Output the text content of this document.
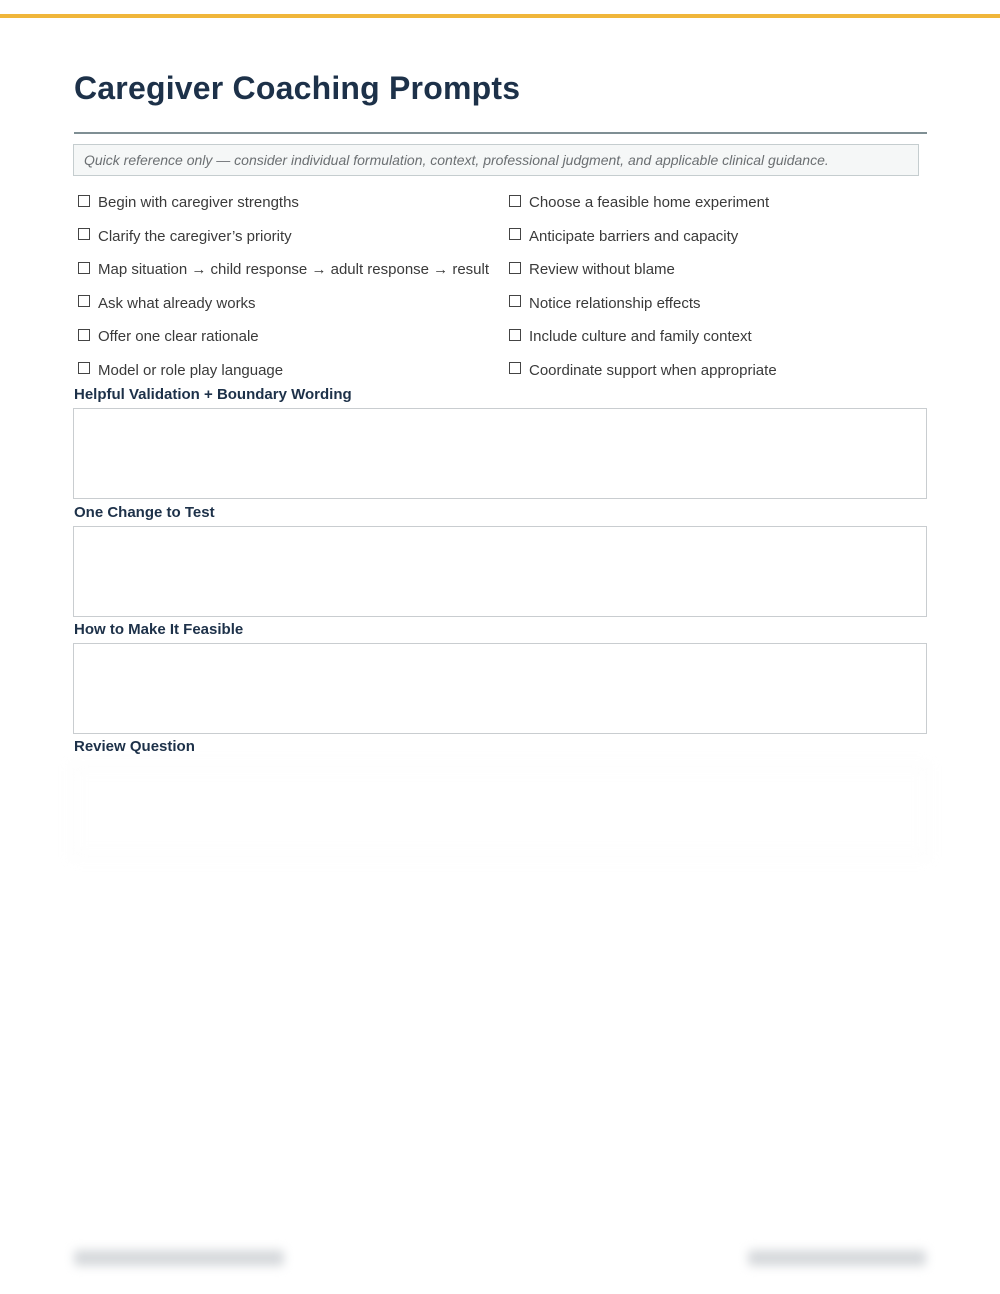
Caregiver Coaching Prompts
Quick reference only — consider individual formulation, context, professional judgment, and applicable clinical guidance.
Begin with caregiver strengths
Clarify the caregiver’s priority
Map situation → child response → adult response → result
Ask what already works
Offer one clear rationale
Model or role play language
Choose a feasible home experiment
Anticipate barriers and capacity
Review without blame
Notice relationship effects
Include culture and family context
Coordinate support when appropriate
Helpful Validation + Boundary Wording
One Change to Test
How to Make It Feasible
Review Question
